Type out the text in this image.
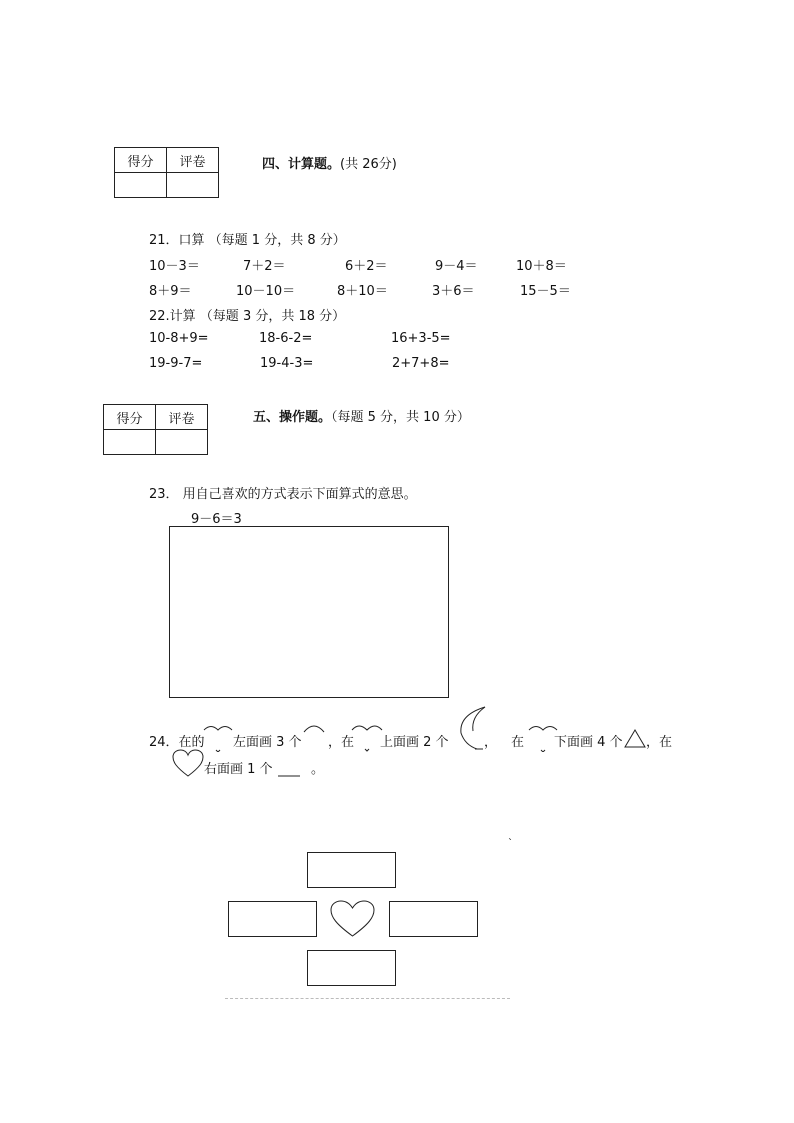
得分	评卷
		四、计算题。(共 26分)
21．口算 （每题 1 分，共 8 分）
10－3＝	7＋2＝	6＋2＝	9－4＝	10＋8＝
8＋9＝	10－10＝	8＋10＝	3＋6＝	15－5＝
22.计算 （每题 3 分，共 18 分）
10-8+9=	18-6-2=	16+3-5=
19-9-7=	19-4-3=	2+7+8=
得分	评卷
		五、操作题。（每题 5 分，共 10 分）
23． 用自己喜欢的方式表示下面算式的意思。
9－6＝3
24．在的 左面画 3 个 ，在 上面画 2 个	， 在 下面画 4 个 ，在
右面画 1 个	。
`
